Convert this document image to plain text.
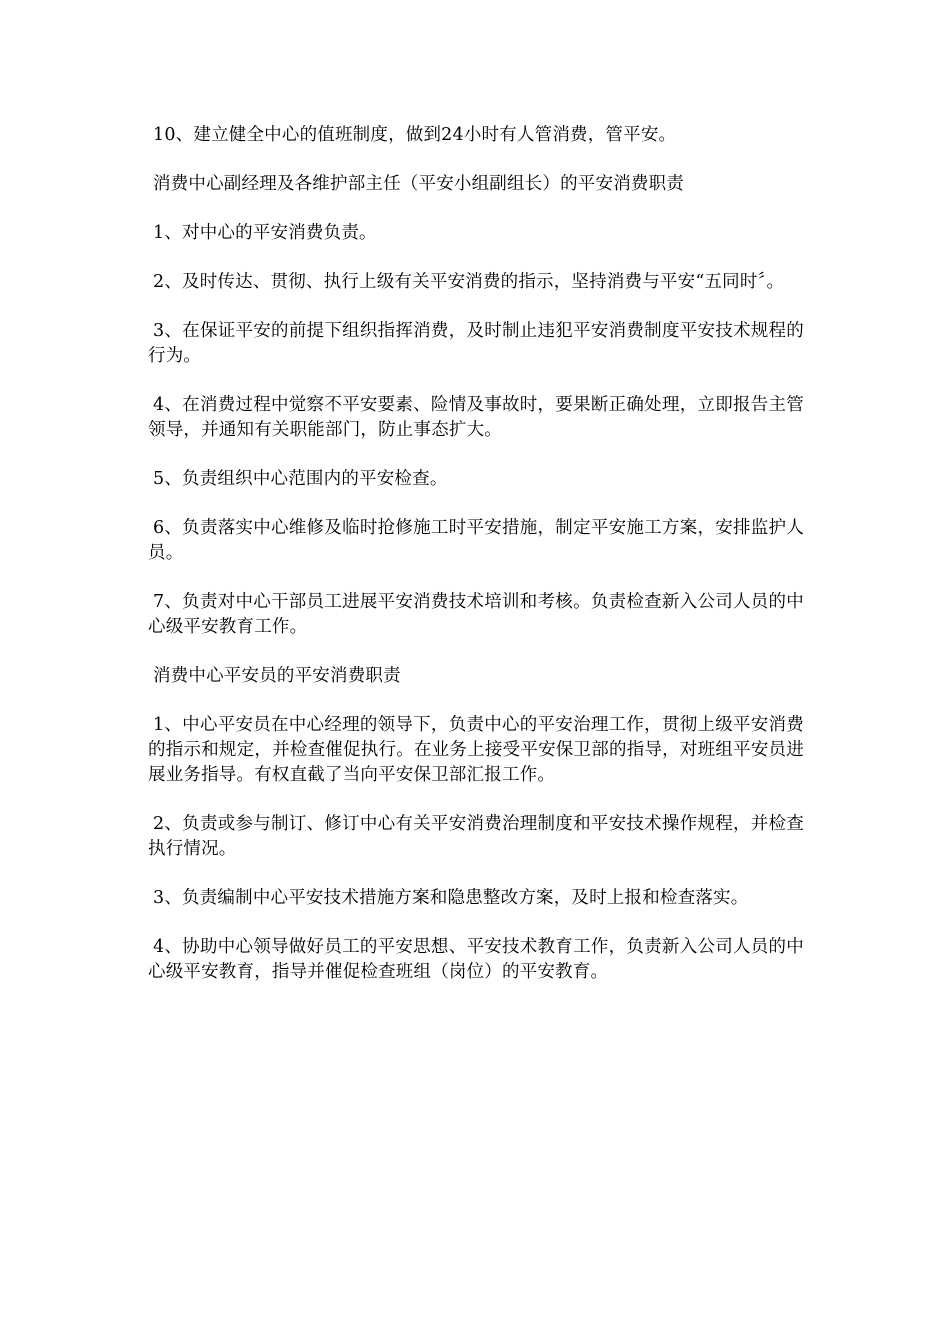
10、建立健全中心的值班制度，做到24小时有人管消费，管平安。

消费中心副经理及各维护部主任（平安小组副组长）的平安消费职责

1、对中心的平安消费负责。

2、及时传达、贯彻、执行上级有关平安消费的指示，坚持消费与平安“五同时〞。

3、在保证平安的前提下组织指挥消费，及时制止违犯平安消费制度平安技术规程的行为。

4、在消费过程中觉察不平安要素、险情及事故时，要果断正确处理，立即报告主管领导，并通知有关职能部门，防止事态扩大。

5、负责组织中心范围内的平安检查。

6、负责落实中心维修及临时抢修施工时平安措施，制定平安施工方案，安排监护人员。

7、负责对中心干部员工进展平安消费技术培训和考核。负责检查新入公司人员的中心级平安教育工作。

消费中心平安员的平安消费职责

1、中心平安员在中心经理的领导下，负责中心的平安治理工作，贯彻上级平安消费的指示和规定，并检查催促执行。在业务上接受平安保卫部的指导，对班组平安员进展业务指导。有权直截了当向平安保卫部汇报工作。

2、负责或参与制订、修订中心有关平安消费治理制度和平安技术操作规程，并检查执行情况。

3、负责编制中心平安技术措施方案和隐患整改方案，及时上报和检查落实。

4、协助中心领导做好员工的平安思想、平安技术教育工作，负责新入公司人员的中心级平安教育，指导并催促检查班组（岗位）的平安教育。
